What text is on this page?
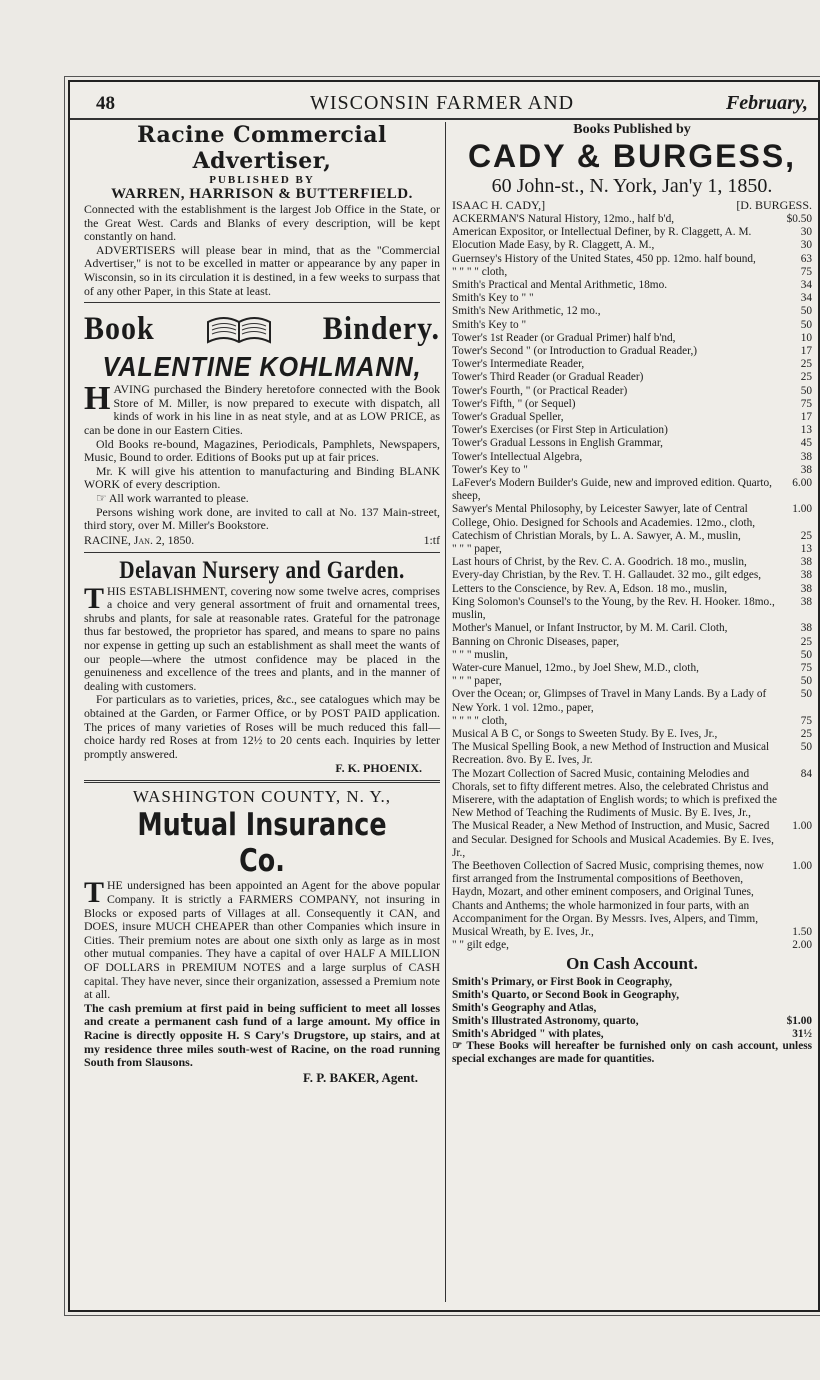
48	WISCONSIN FARMER AND	February,
Racine Commercial Advertiser,
PUBLISHED BY
WARREN, HARRISON & BUTTERFIELD.

Connected with the establishment is the largest Job Office in the State, or the Great West. Cards and Blanks of every description, will be kept constantly on hand.

ADVERTISERS will please bear in mind, that as the "Commercial Advertiser," is not to be excelled in matter or appearance by any paper in Wisconsin, so in its circulation it is destined, in a few weeks to surpass that of any other Paper, in this State at least.

Book	Bindery.
VALENTINE KOHLMANN,

HAVING purchased the Bindery heretofore connected with the Book Store of M. Miller, is now prepared to execute with dispatch, all kinds of work in his line in as neat style, and at as LOW PRICE, as can be done in our Eastern Cities.

Old Books re-bound, Magazines, Periodicals, Pamphlets, Newspapers, Music, Bound to order. Editions of Books put up at fair prices.

Mr. K will give his attention to manufacturing and Binding BLANK WORK of every description.

☞ All work warranted to please.

Persons wishing work done, are invited to call at No. 137 Main-street, third story, over M. Miller's Bookstore.

RACINE, Jan. 2, 1850.	1:tf
Delavan Nursery and Garden.

THIS ESTABLISHMENT, covering now some twelve acres, comprises a choice and very general assortment of fruit and ornamental trees, shrubs and plants, for sale at reasonable rates. Grateful for the patronage thus far bestowed, the proprietor has spared, and means to spare no pains nor expense in getting up such an establishment as shall meet the wants of our people—where the utmost confidence may be placed in the genuineness and excellence of the trees and plants, and in the manner of dealing with customers.

For particulars as to varieties, prices, &c., see catalogues which may be obtained at the Garden, or Farmer Office, or by POST PAID application. The prices of many varieties of Roses will be much reduced this fall—choice hardy red Roses at from 12½ to 20 cents each. Inquiries by letter promptly answered.

F. K. PHOENIX.
WASHINGTON COUNTY, N. Y.,
Mutual Insurance Co.

THE undersigned has been appointed an Agent for the above popular Company. It is strictly a FARMERS COMPANY, not insuring in Blocks or exposed parts of Villages at all. Consequently it CAN, and DOES, insure MUCH CHEAPER than other Companies which insure in Cities. Their premium notes are about one sixth only as large as in most other mutual companies. They have a capital of over HALF A MILLION OF DOLLARS in PREMIUM NOTES and a large surplus of CASH capital. They have never, since their organization, assessed a Premium note at all.

The cash premium at first paid in being sufficient to meet all losses and create a permanent cash fund of a large amount. My office in Racine is directly opposite H. S Cary's Drugstore, up stairs, and at my residence three miles south-west of Racine, on the road running South from Slausons.

F. P. BAKER, Agent.
Books Published by
CADY & BURGESS,
60 John-st., N. York, Jan'y 1, 1850.
ISAAC H. CADY,]	[D. BURGESS.
ACKERMAN'S Natural History, 12mo., half b'd,	$0.50
American Expositor, or Intellectual Definer, by R. Claggett, A. M.	30
Elocution Made Easy, by R. Claggett, A. M.,	30
Guernsey's History of the United States, 450 pp. 12mo. half bound,	63
" " " " cloth,	75
Smith's Practical and Mental Arithmetic, 18mo.	34
Smith's Key to " "	34
Smith's New Arithmetic, 12 mo.,	50
Smith's Key to "	50
Tower's 1st Reader (or Gradual Primer) half b'nd,	10
Tower's Second " (or Introduction to Gradual Reader,)	17
Tower's Intermediate Reader,	25
Tower's Third Reader (or Gradual Reader)	25
Tower's Fourth, " (or Practical Reader)	50
Tower's Fifth, " (or Sequel)	75
Tower's Gradual Speller,	17
Tower's Exercises (or First Step in Articulation)	13
Tower's Gradual Lessons in English Grammar,	45
Tower's Intellectual Algebra,	38
Tower's Key to "	38
LaFever's Modern Builder's Guide, new and improved edition. Quarto, sheep,
6.00
Sawyer's Mental Philosophy, by Leicester Sawyer, late of Central College, Ohio. Designed for Schools and Academies. 12mo., cloth,
1.00
Catechism of Christian Morals, by L. A. Sawyer, A. M., muslin,	25
" " " paper,	13
Last hours of Christ, by the Rev. C. A. Goodrich. 18 mo., muslin,	38
Every-day Christian, by the Rev. T. H. Gallaudet. 32 mo., gilt edges,	38
Letters to the Conscience, by Rev. A, Edson. 18 mo., muslin,	38
King Solomon's Counsel's to the Young, by the Rev. H. Hooker. 18mo., muslin,
38
Mother's Manuel, or Infant Instructor, by M. M. Caril. Cloth,	38
Banning on Chronic Diseases, paper,	25
" " " muslin,	50
Water-cure Manuel, 12mo., by Joel Shew, M.D., cloth,	75
" " " paper,	50
Over the Ocean; or, Glimpses of Travel in Many Lands. By a Lady of New York. 1 vol. 12mo., paper,
50
" " " " cloth,	75
Musical A B C, or Songs to Sweeten Study. By E. Ives, Jr.,	25
The Musical Spelling Book, a new Method of Instruction and Musical Recreation. 8vo. By E. Ives, Jr.
50
The Mozart Collection of Sacred Music, containing Melodies and Chorals, set to fifty different metres. Also, the celebrated Christus and Miserere, with the adaptation of English words; to which is prefixed the New Method of Teaching the Rudiments of Music. By E. Ives, Jr.,
84
The Musical Reader, a New Method of Instruction, and Music, Sacred and Secular. Designed for Schools and Musical Academies. By E. Ives, Jr.,
1.00
The Beethoven Collection of Sacred Music, comprising themes, now first arranged from the Instrumental compositions of Beethoven, Haydn, Mozart, and other eminent composers, and Original Tunes, Chants and Anthems; the whole harmonized in four parts, with an Accompaniment for the Organ. By Messrs. Ives, Alpers, and Timm,
1.00
Musical Wreath, by E. Ives, Jr.,	1.50
" " gilt edge,	2.00
On Cash Account.
Smith's Primary, or First Book in Ceography,
Smith's Quarto, or Second Book in Geography,
Smith's Geography and Atlas,
Smith's Illustrated Astronomy, quarto,	$1.00
Smith's Abridged " with plates,	31½

☞ These Books will hereafter be furnished only on cash account, unless special exchanges are made for quantities.
